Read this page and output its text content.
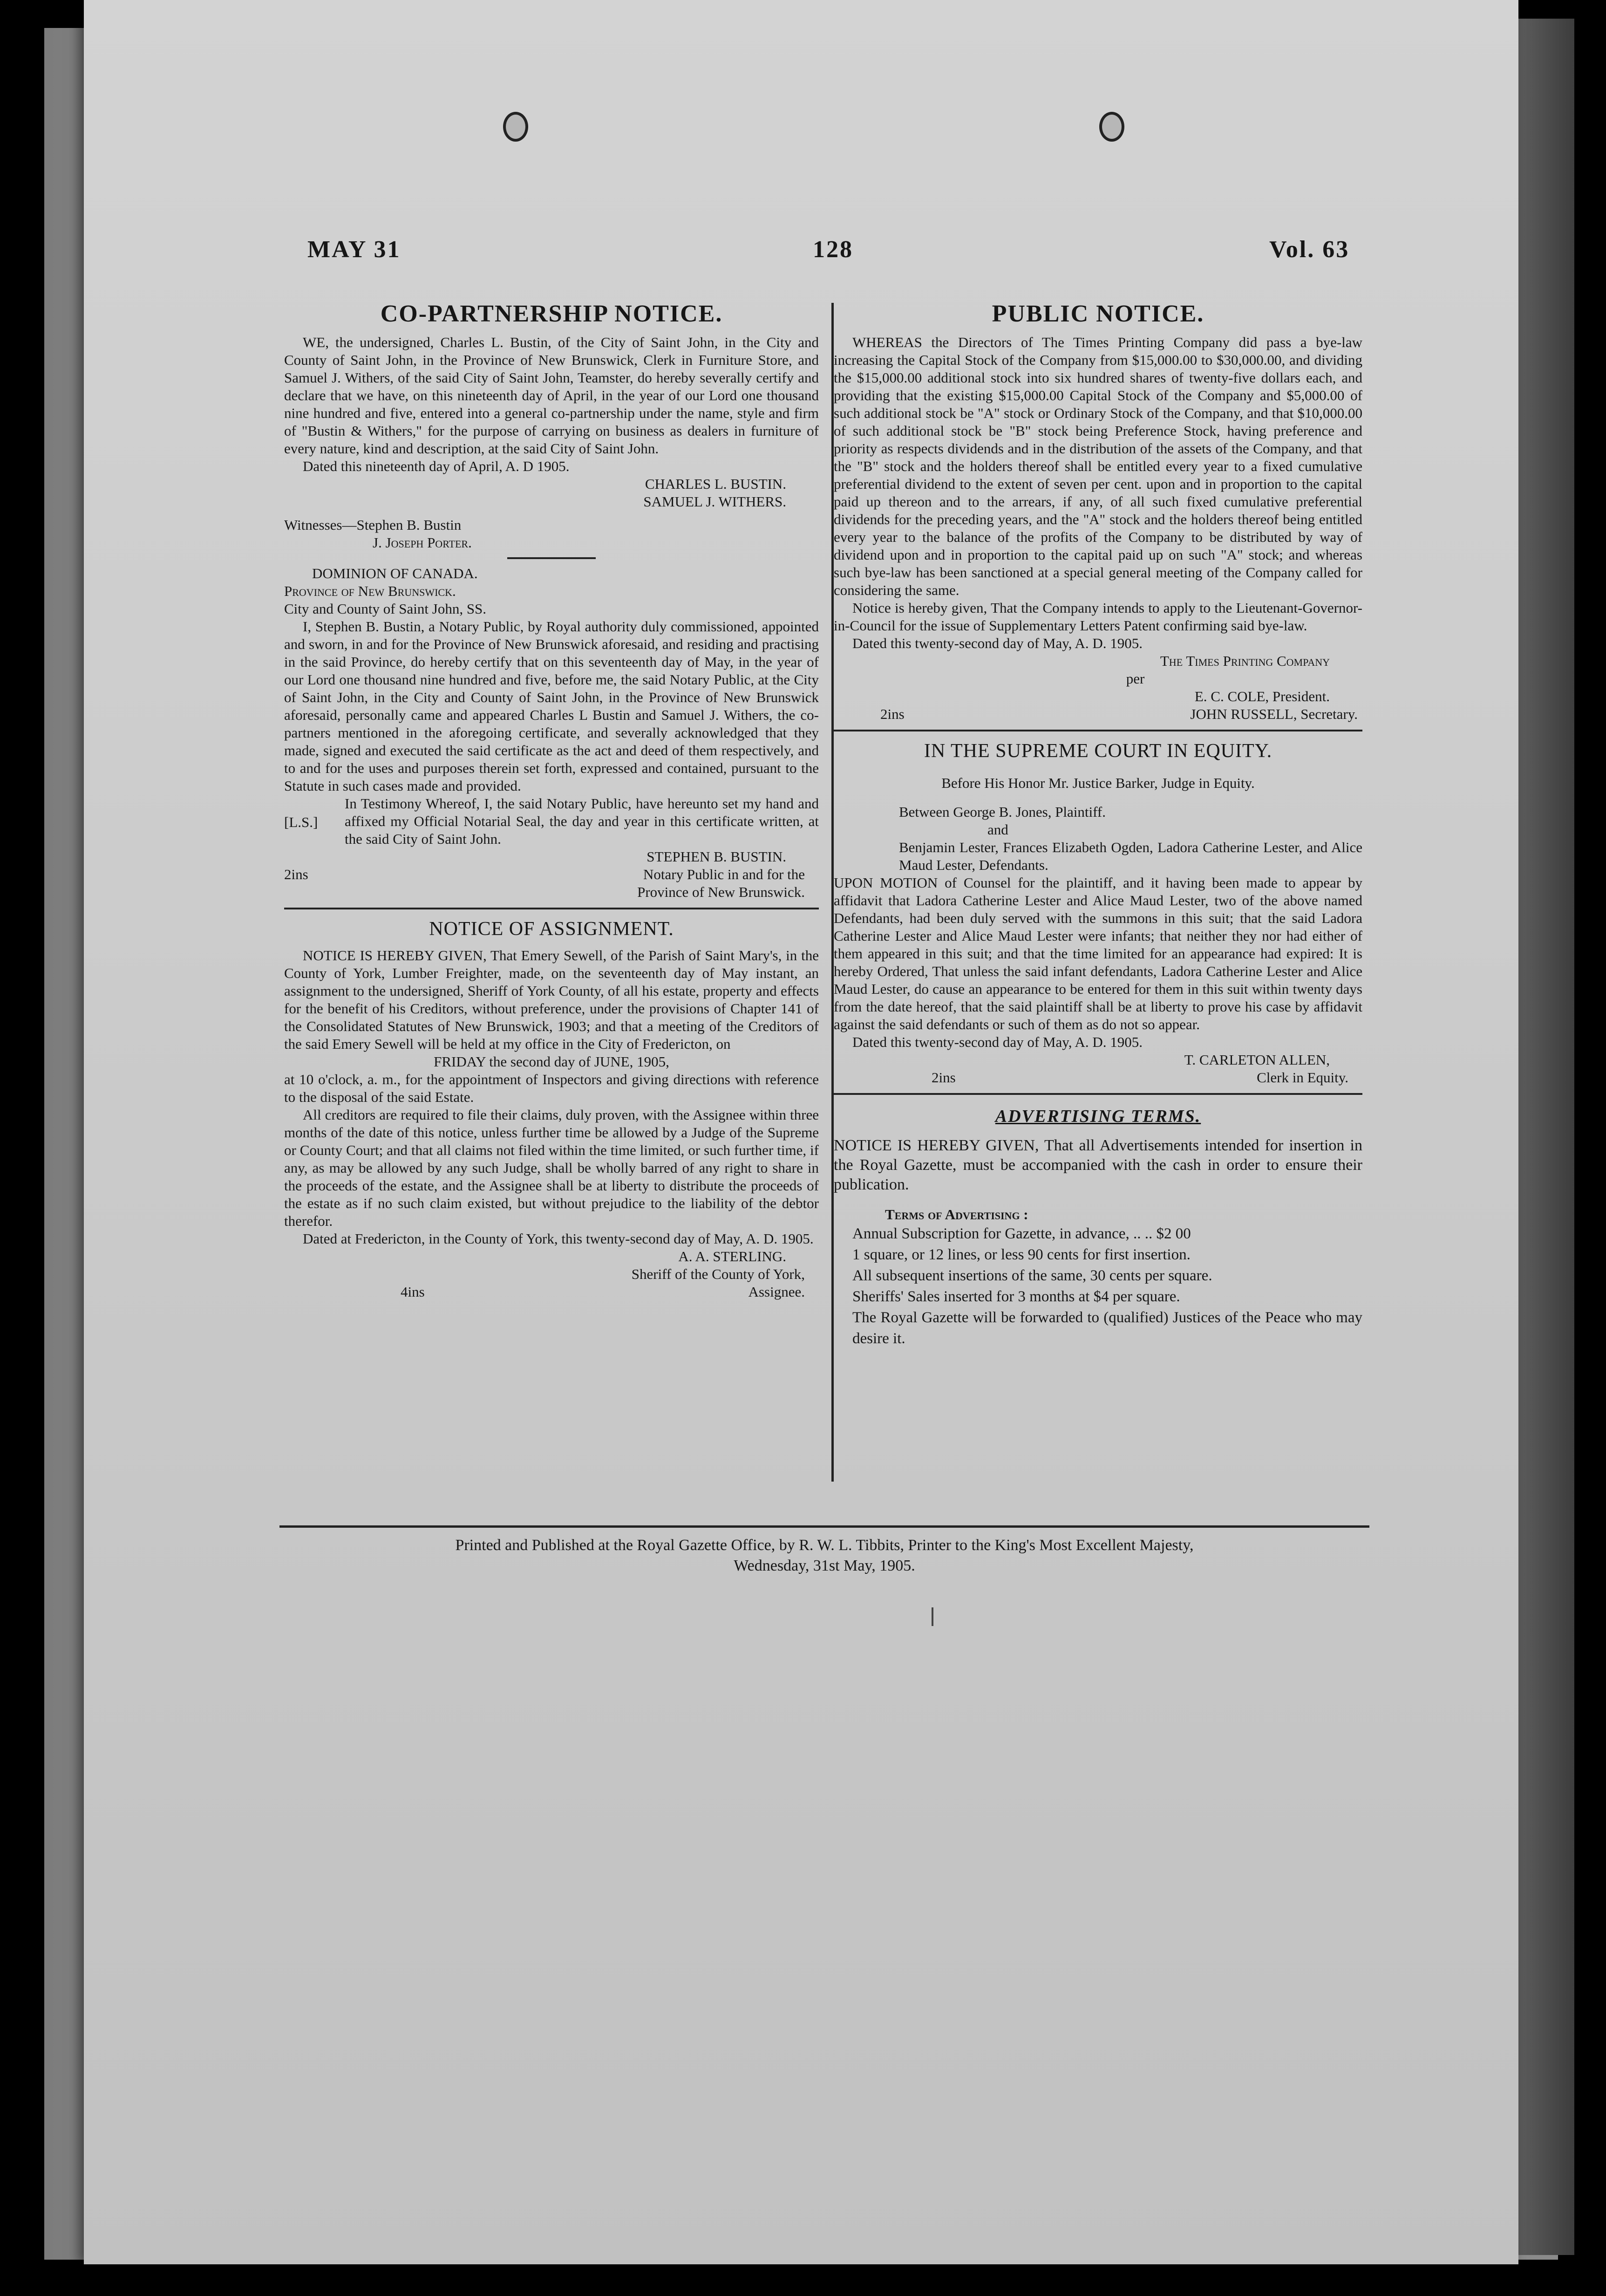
MAY 31	128	Vol. 63
CO-PARTNERSHIP NOTICE.

WE, the undersigned, Charles L. Bustin, of the City of Saint John, in the City and County of Saint John, in the Province of New Brunswick, Clerk in Furniture Store, and Samuel J. Withers, of the said City of Saint John, Teamster, do hereby severally certify and declare that we have, on this nineteenth day of April, in the year of our Lord one thousand nine hundred and five, entered into a general co-partnership under the name, style and firm of "Bustin & Withers," for the purpose of carrying on business as dealers in furniture of every nature, kind and description, at the said City of Saint John.

Dated this nineteenth day of April, A. D 1905.

CHARLES L. BUSTIN.

SAMUEL J. WITHERS.

Witnesses—Stephen B. Bustin

J. Joseph Porter.

DOMINION OF CANADA.

Province of New Brunswick.

City and County of Saint John, SS.

I, Stephen B. Bustin, a Notary Public, by Royal authority duly commissioned, appointed and sworn, in and for the Province of New Brunswick aforesaid, and residing and practising in the said Province, do hereby certify that on this seventeenth day of May, in the year of our Lord one thousand nine hundred and five, before me, the said Notary Public, at the City of Saint John, in the City and County of Saint John, in the Province of New Brunswick aforesaid, personally came and appeared Charles L Bustin and Samuel J. Withers, the co-partners mentioned in the aforegoing certificate, and severally acknowledged that they made, signed and executed the said certificate as the act and deed of them respectively, and to and for the uses and purposes therein set forth, expressed and contained, pursuant to the Statute in such cases made and provided.

[L.S.]

In Testimony Whereof, I, the said Notary Public, have hereunto set my hand and affixed my Official Notarial Seal, the day and year in this certificate written, at the said City of Saint John.

STEPHEN B. BUSTIN.

2ins	Notary Public in and for the

Province of New Brunswick.

NOTICE OF ASSIGNMENT.

NOTICE IS HEREBY GIVEN, That Emery Sewell, of the Parish of Saint Mary's, in the County of York, Lumber Freighter, made, on the seventeenth day of May instant, an assignment to the undersigned, Sheriff of York County, of all his estate, property and effects for the benefit of his Creditors, without preference, under the provisions of Chapter 141 of the Consolidated Statutes of New Brunswick, 1903; and that a meeting of the Creditors of the said Emery Sewell will be held at my office in the City of Fredericton, on

FRIDAY the second day of JUNE, 1905,

at 10 o'clock, a. m., for the appointment of Inspectors and giving directions with reference to the disposal of the said Estate.

All creditors are required to file their claims, duly proven, with the Assignee within three months of the date of this notice, unless further time be allowed by a Judge of the Supreme or County Court; and that all claims not filed within the time limited, or such further time, if any, as may be allowed by any such Judge, shall be wholly barred of any right to share in the proceeds of the estate, and the Assignee shall be at liberty to distribute the proceeds of the estate as if no such claim existed, but without prejudice to the liability of the debtor therefor.

Dated at Fredericton, in the County of York, this twenty-second day of May, A. D. 1905.

A. A. STERLING.

Sheriff of the County of York,

4ins	Assignee.
PUBLIC NOTICE.

WHEREAS the Directors of The Times Printing Company did pass a bye-law increasing the Capital Stock of the Company from $15,000.00 to $30,000.00, and dividing the $15,000.00 additional stock into six hundred shares of twenty-five dollars each, and providing that the existing $15,000.00 Capital Stock of the Company and $5,000.00 of such additional stock be "A" stock or Ordinary Stock of the Company, and that $10,000.00 of such additional stock be "B" stock being Preference Stock, having preference and priority as respects dividends and in the distribution of the assets of the Company, and that the "B" stock and the holders thereof shall be entitled every year to a fixed cumulative preferential dividend to the extent of seven per cent. upon and in proportion to the capital paid up thereon and to the arrears, if any, of all such fixed cumulative preferential dividends for the preceding years, and the "A" stock and the holders thereof being entitled every year to the balance of the profits of the Company to be distributed by way of dividend upon and in proportion to the capital paid up on such "A" stock; and whereas such bye-law has been sanctioned at a special general meeting of the Company called for considering the same.

Notice is hereby given, That the Company intends to apply to the Lieutenant-Governor-in-Council for the issue of Supplementary Letters Patent confirming said bye-law.

Dated this twenty-second day of May, A. D. 1905.

The Times Printing Company

per

E. C. COLE, President.

2ins	JOHN RUSSELL, Secretary.
IN THE SUPREME COURT IN EQUITY.

Before His Honor Mr. Justice Barker, Judge in Equity.

Between George B. Jones, Plaintiff.

and

Benjamin Lester, Frances Elizabeth Ogden, Ladora Catherine Lester, and Alice Maud Lester, Defendants.

UPON MOTION of Counsel for the plaintiff, and it having been made to appear by affidavit that Ladora Catherine Lester and Alice Maud Lester, two of the above named Defendants, had been duly served with the summons in this suit; that the said Ladora Catherine Lester and Alice Maud Lester were infants; that neither they nor had either of them appeared in this suit; and that the time limited for an appearance had expired: It is hereby Ordered, That unless the said infant defendants, Ladora Catherine Lester and Alice Maud Lester, do cause an appearance to be entered for them in this suit within twenty days from the date hereof, that the said plaintiff shall be at liberty to prove his case by affidavit against the said defendants or such of them as do not so appear.

Dated this twenty-second day of May, A. D. 1905.

T. CARLETON ALLEN,

2ins	Clerk in Equity.
ADVERTISING TERMS.

NOTICE IS HEREBY GIVEN, That all Advertisements intended for insertion in the Royal Gazette, must be accompanied with the cash in order to ensure their publication.

Terms of Advertising :

Annual Subscription for Gazette, in advance, .. .. $2 00

1 square, or 12 lines, or less 90 cents for first insertion.

All subsequent insertions of the same, 30 cents per square.

Sheriffs' Sales inserted for 3 months at $4 per square.

The Royal Gazette will be forwarded to (qualified) Justices of the Peace who may desire it.

Printed and Published at the Royal Gazette Office, by R. W. L. Tibbits, Printer to the King's Most Excellent Majesty,

Wednesday, 31st May, 1905.
